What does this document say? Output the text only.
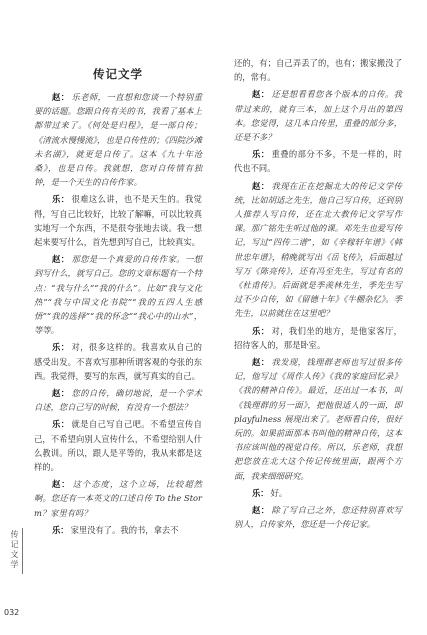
传记文学

赵： 乐老师，一直想和您谈一个特别重要的话题。您跟自传有关的书，我看了基本上都带过来了。《何处是归程》，是一部自传；《清流水慢慢流》，也是自传性的；《四院沙滩未名湖》，就更是自传了。这本《九十年沧桑》，也是自传。我就想，您对自传情有独钟，是一个天生的自传作家。

乐： 很难这么讲，也不是天生的。我觉得，写自己比较好，比较了解嘛，可以比较真实地写一个东西，不是很夸张地去谈。我一想起来要写什么，首先想到写自己，比较真实。

赵： 那您是一个真爱的自传作家。一想到写什么，就写自己。您的文章标题有一个特点：“我与什么”“我的什么”。比如“我与文化热”“我与中国文化书院”“我的五四人生感悟”“我的选择”“我的怀念”“我心中的山水”，等等。

乐： 对，很多这样的。我喜欢从自己的感受出发。不喜欢写那种所谓客观的夸张的东西。我觉得，要写的东西，就写真实的自己。

赵： 您的自传，确切地说，是一个学术自述，您自己写的时候，有没有一个想法？

乐： 就是自己写自己吧。不希望宣传自己，不希望向别人宣传什么，不希望给别人什么教训。所以，跟人是平等的，我从来都是这样的。

赵： 这个态度，这个立场，比较超然啊。您还有一本英文的口述自传 To the Storm？家里有吗？

乐： 家里没有了。我的书，拿去不

还的，有；自己弄丢了的，也有；搬家搬没了的，常有。

赵： 还是想看看您各个版本的自传。我带过来的，就有三本，加上这个月出的第四本。您觉得，这几本自传里，重叠的部分多，还是不多？

乐： 重叠的部分不多，不是一样的，时代也不同。

赵： 我现在正在挖掘北大的传记文学传统，比如胡适之先生，他自己写自传，还到别人推荐人写自传，还在北大教传记文学写作课。那广铭先生听过他的课。邓先生也爱写传记，写过“四传二谱”，如《辛稼轩年谱》《韩世忠年谱》，稍晚就写出《岳飞传》，后面越过写万《陈亮传》，还有冯至先生，写过有名的《杜甫传》。后面就是季羡林先生，季先生写过不少自传，如《留德十年》《牛棚杂忆》。季先生，以前就住在这里吧？

乐： 对，我们坐的地方，是他家客厅，招待客人的，那是卧室。

赵： 我发现，钱理群老师也写过很多传记，他写过《周作人传》《我的家庭回忆录》《我的精神自传》。最近，还出过一本书，叫《钱理群的另一面》，把他很适人的一面，即 playfulness 展现出来了。老师看自传，很好玩的。如果前面那本书叫他的精神自传，这本书应该叫他的视觉自传。所以，乐老师，我想把您放在北大这个传记传统里面，跟两个方面，我来细细研究。

乐： 好。

赵： 除了写自己之外，您还特别喜欢写别人，自传家外，您还是一个传记家。

传记文学
032
